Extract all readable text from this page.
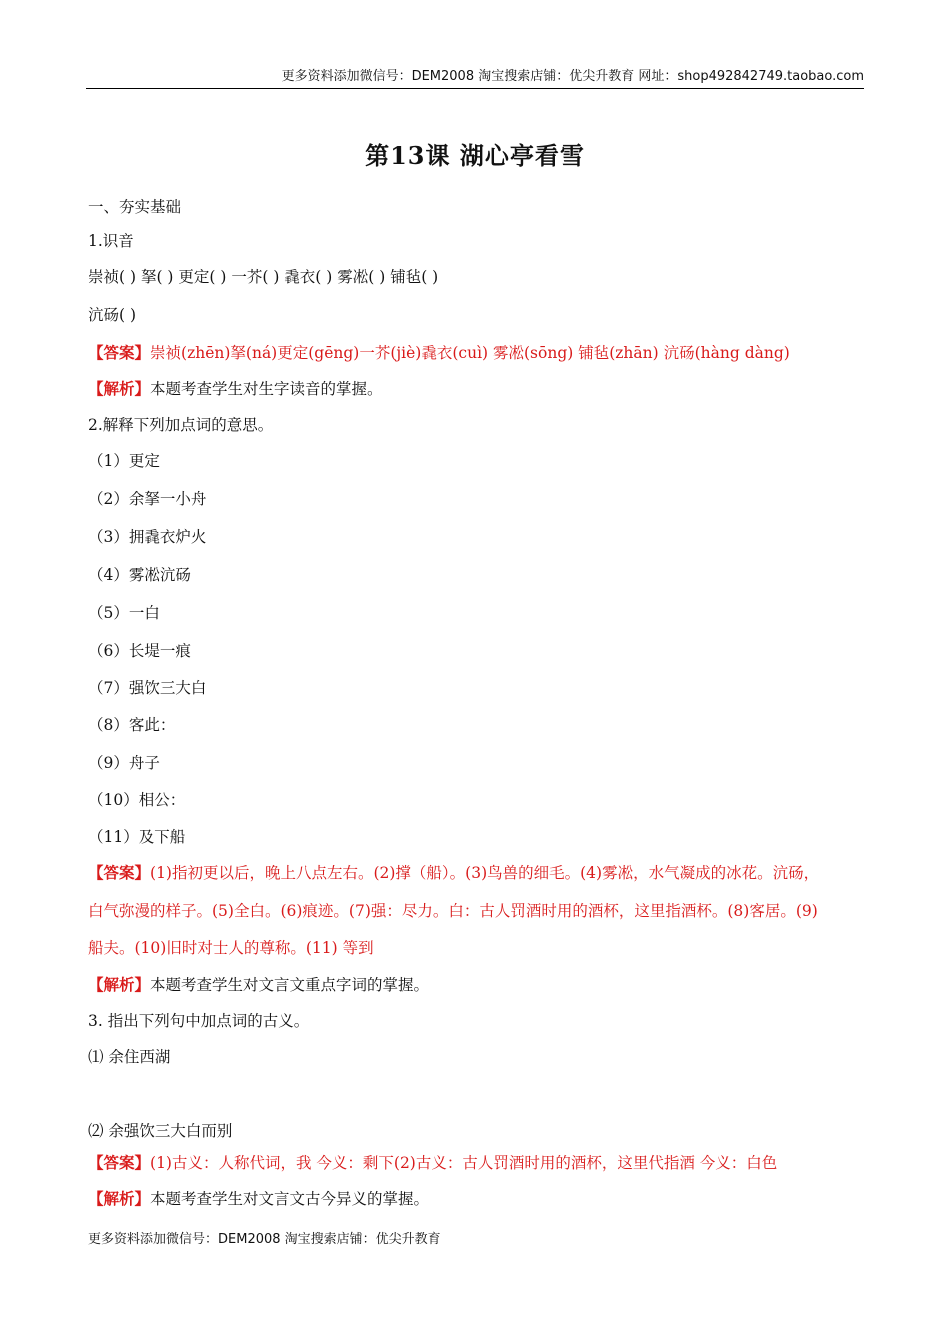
更多资料添加微信号：DEM2008 淘宝搜索店铺：优尖升教育 网址：shop492842749.taobao.com
第13课 湖心亭看雪
一、夯实基础
1.识音
崇祯( ) 拏( ) 更定( ) 一芥( ) 毳衣( ) 雾凇( ) 铺毡( )
沆砀( )
【答案】崇祯(zhēn)拏(ná)更定(gēng)一芥(jiè)毳衣(cuì) 雾凇(sōng) 铺毡(zhān) 沆砀(hàng dàng)
【解析】本题考查学生对生字读音的掌握。
2.解释下列加点词的意思。
（1）更定
（2）余拏一小舟
（3）拥毳衣炉火
（4）雾凇沆砀
（5）一白
（6）长堤一痕
（7）强饮三大白
（8）客此：
（9）舟子
（10）相公：
（11）及下船
【答案】(1)指初更以后，晚上八点左右。(2)撑（船）。(3)鸟兽的细毛。(4)雾凇，水气凝成的冰花。沆砀，
白气弥漫的样子。(5)全白。(6)痕迹。(7)强：尽力。白：古人罚酒时用的酒杯，这里指酒杯。(8)客居。(9)
船夫。(10)旧时对士人的尊称。(11) 等到
【解析】本题考查学生对文言文重点字词的掌握。
3. 指出下列句中加点词的古义。
⑴ 余住西湖
⑵ 余强饮三大白而别
【答案】(1)古义：人称代词，我 今义：剩下(2)古义：古人罚酒时用的酒杯，这里代指酒 今义：白色
【解析】本题考查学生对文言文古今异义的掌握。
更多资料添加微信号：DEM2008 淘宝搜索店铺：优尖升教育
